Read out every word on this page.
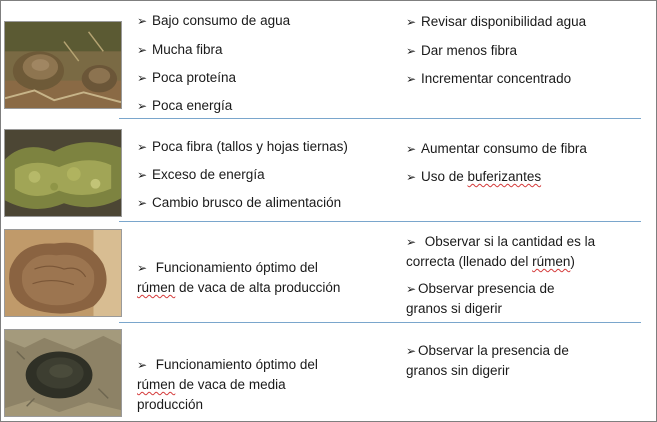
➢ Bajo consumo de agua
➢ Mucha fibra
➢ Poca proteína
➢ Poca energía
➢ Revisar disponibilidad agua
➢ Dar menos fibra
➢ Incrementar concentrado
➢ Poca fibra (tallos y hojas tiernas)
➢ Exceso de energía
➢ Cambio brusco de alimentación
➢ Aumentar consumo de fibra
➢ Uso de buferizantes
➢ Funcionamiento óptimo del
rúmen de vaca de alta producción
➢ Observar si la cantidad es la
correcta (llenado del rúmen)
➢ Observar presencia de
granos si digerir
➢ Funcionamiento óptimo del
rúmen de vaca de media
producción
➢ Observar la presencia de
granos sin digerir
